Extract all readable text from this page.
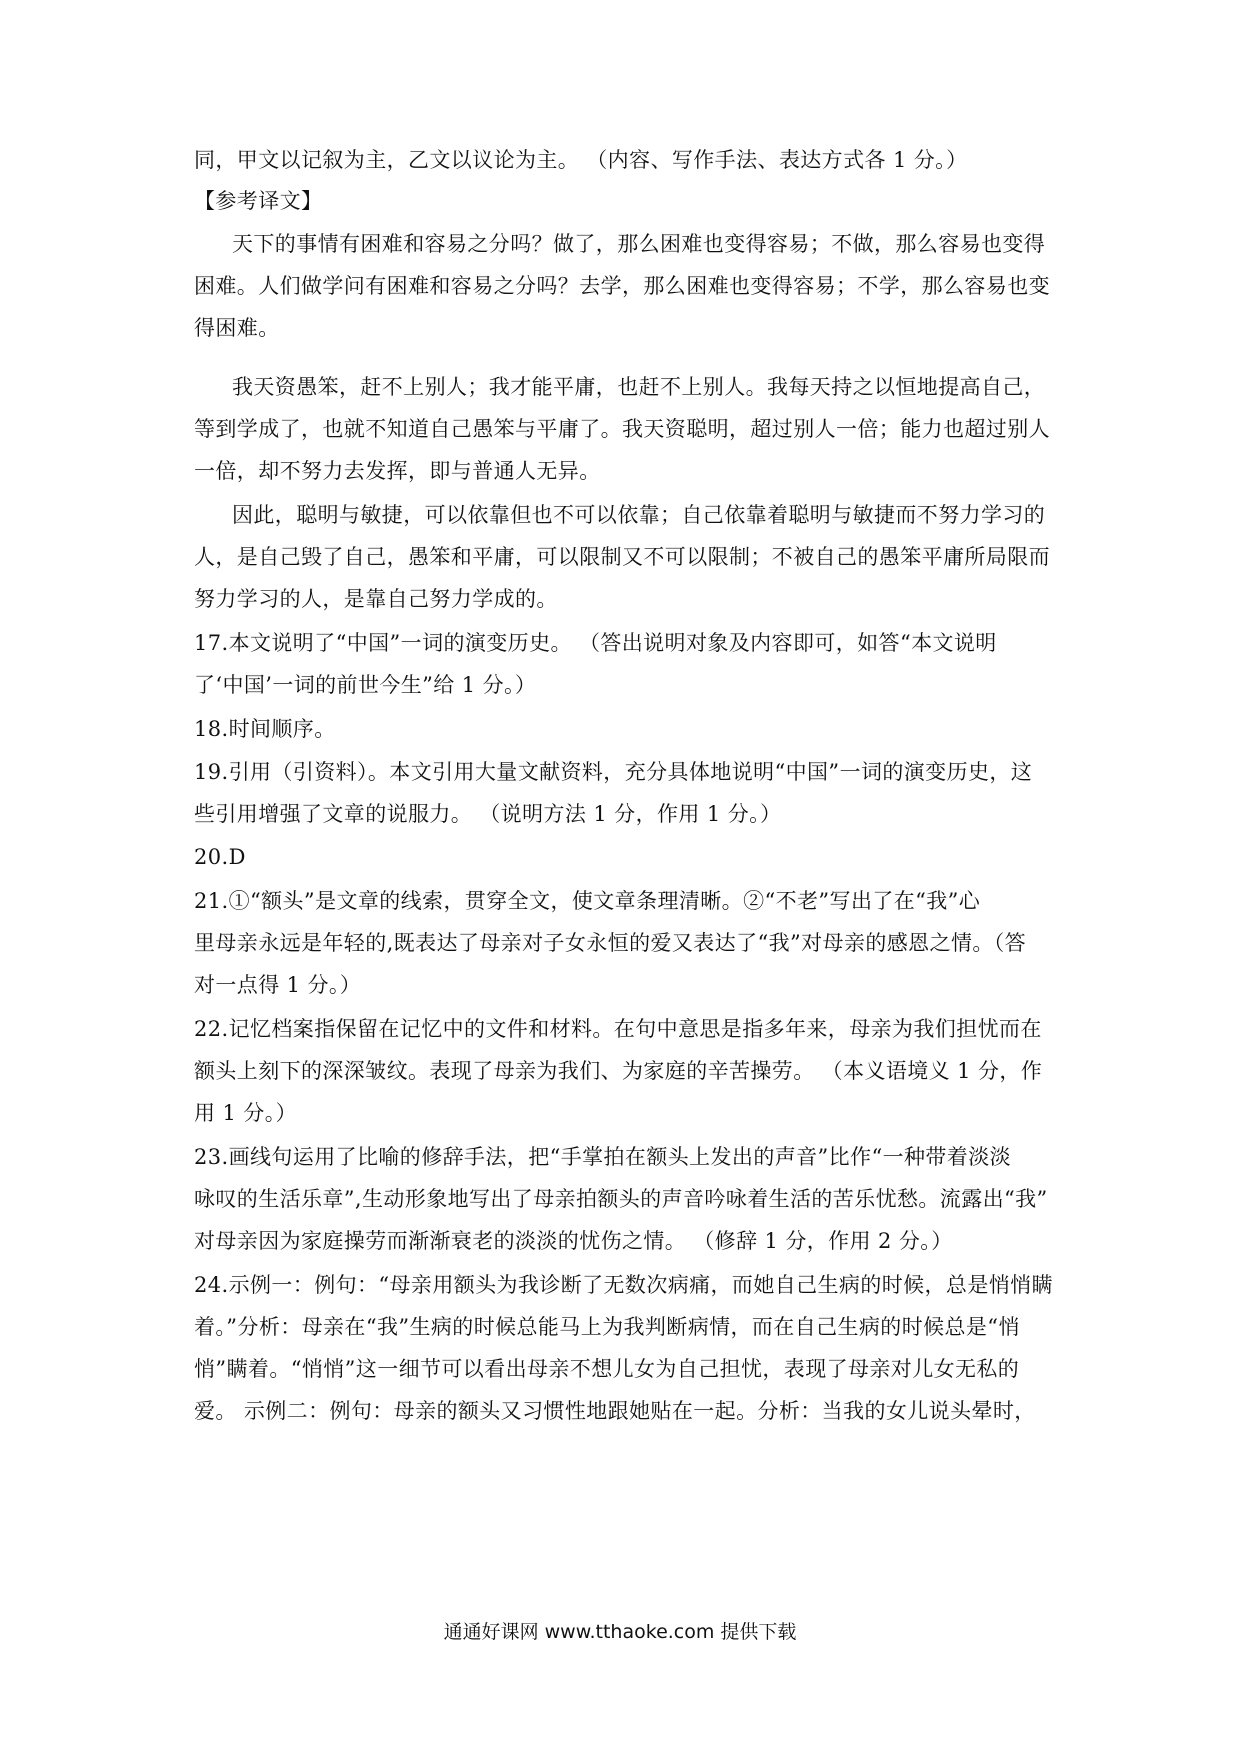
同，甲文以记叙为主，乙文以议论为主。 （内容、写作手法、表达方式各 1 分。）
【参考译文】
天下的事情有困难和容易之分吗？做了，那么困难也变得容易；不做，那么容易也变得
困难。人们做学问有困难和容易之分吗？去学，那么困难也变得容易；不学，那么容易也变
得困难。
我天资愚笨，赶不上别人；我才能平庸，也赶不上别人。我每天持之以恒地提高自己，
等到学成了，也就不知道自己愚笨与平庸了。我天资聪明，超过别人一倍；能力也超过别人
一倍，却不努力去发挥，即与普通人无异。
因此，聪明与敏捷，可以依靠但也不可以依靠；自己依靠着聪明与敏捷而不努力学习的
人，是自己毁了自己，愚笨和平庸，可以限制又不可以限制；不被自己的愚笨平庸所局限而
努力学习的人，是靠自己努力学成的。
17.本文说明了“中国”一词的演变历史。 （答出说明对象及内容即可，如答“本文说明
了‘中国’一词的前世今生”给 1 分。）
18.时间顺序。
19.引用（引资料）。本文引用大量文献资料，充分具体地说明“中国”一词的演变历史，这
些引用增强了文章的说服力。 （说明方法 1 分，作用 1 分。）
20.D
21.①“额头”是文章的线索，贯穿全文，使文章条理清晰。②“不老”写出了在“我”心
里母亲永远是年轻的,既表达了母亲对子女永恒的爱又表达了“我”对母亲的感恩之情。（答
对一点得 1 分。）
22.记忆档案指保留在记忆中的文件和材料。在句中意思是指多年来，母亲为我们担忧而在
额头上刻下的深深皱纹。表现了母亲为我们、为家庭的辛苦操劳。 （本义语境义 1 分，作
用 1 分。）
23.画线句运用了比喻的修辞手法，把“手掌拍在额头上发出的声音”比作“一种带着淡淡
咏叹的生活乐章”,生动形象地写出了母亲拍额头的声音吟咏着生活的苦乐忧愁。流露出“我”
对母亲因为家庭操劳而渐渐衰老的淡淡的忧伤之情。 （修辞 1 分，作用 2 分。）
24.示例一：例句：“母亲用额头为我诊断了无数次病痛，而她自己生病的时候，总是悄悄瞒
着。”分析：母亲在“我”生病的时候总能马上为我判断病情，而在自己生病的时候总是“悄
悄”瞒着。“悄悄”这一细节可以看出母亲不想儿女为自己担忧，表现了母亲对儿女无私的
爱。 示例二：例句：母亲的额头又习惯性地跟她贴在一起。分析：当我的女儿说头晕时，
通通好课网 www.tthaoke.com 提供下载
